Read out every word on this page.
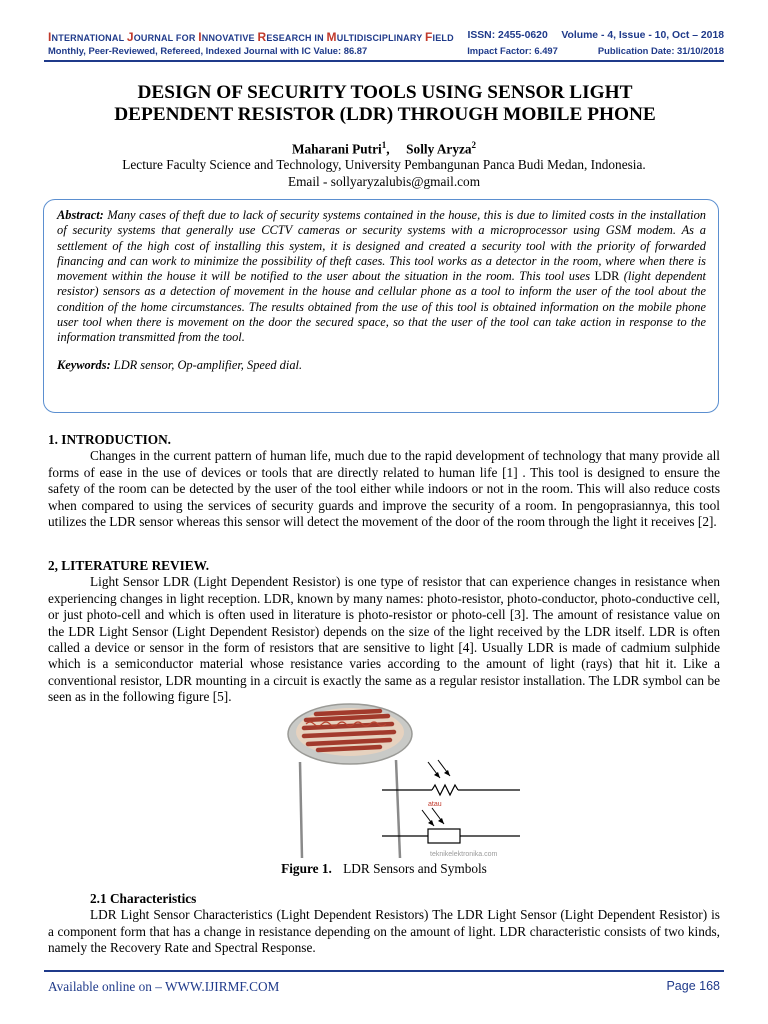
INTERNATIONAL JOURNAL FOR INNOVATIVE RESEARCH IN MULTIDISCIPLINARY FIELD ISSN: 2455-0620 Volume - 4, Issue - 10, Oct – 2018
Monthly, Peer-Reviewed, Refereed, Indexed Journal with IC Value: 86.87	Impact Factor: 6.497	Publication Date: 31/10/2018
DESIGN OF SECURITY TOOLS USING SENSOR LIGHT
DEPENDENT RESISTOR (LDR) THROUGH MOBILE PHONE
Maharani Putri$^1$,     Solly Aryza$^2$
Lecture Faculty Science and Technology, University Pembangunan Panca Budi Medan, Indonesia.
Email - sollyaryzalubis@gmail.com
Abstract: Many cases of theft due to lack of security systems contained in the house, this is due to limited costs in the installation of security systems that generally use CCTV cameras or security systems with a microprocessor using GSM modem. As a settlement of the high cost of installing this system, it is designed and created a security tool with the priority of forwarded financing and can work to minimize the possibility of theft cases. This tool works as a detector in the room, where when there is movement within the house it will be notified to the user about the situation in the room. This tool uses LDR (light dependent resistor) sensors as a detection of movement in the house and cellular phone as a tool to inform the user of the tool about the condition of the home circumstances. The results obtained from the use of this tool is obtained information on the mobile phone user tool when there is movement on the door the secured space, so that the user of the tool can take action in response to the information transmitted from the tool.
Keywords: LDR sensor, Op-amplifier, Speed dial.
1. INTRODUCTION.

Changes in the current pattern of human life, much due to the rapid development of technology that many provide all forms of ease in the use of devices or tools that are directly related to human life [1] . This tool is designed to ensure the safety of the room can be detected by the user of the tool either while indoors or not in the room. This will also reduce costs when compared to using the services of security guards and improve the security of a room. In pengoprasiannya, this tool utilizes the LDR sensor whereas this sensor will detect the movement of the door of the room through the light it receives [2].

2, LITERATURE REVIEW.

Light Sensor LDR (Light Dependent Resistor) is one type of resistor that can experience changes in resistance when experiencing changes in light reception. LDR, known by many names: photo-resistor, photo-conductor, photo-conductive cell, or just photo-cell and which is often used in literature is photo-resistor or photo-cell [3]. The amount of resistance value on the LDR Light Sensor (Light Dependent Resistor) depends on the size of the light received by the LDR itself. LDR is often called a device or sensor in the form of resistors that are sensitive to light [4]. Usually LDR is made of cadmium sulphide which is a semiconductor material whose resistance varies according to the amount of light (rays) that hit it. Like a conventional resistor, LDR mounting in a circuit is exactly the same as a regular resistor installation. The LDR symbol can be seen as in the following figure [5].

atau
teknikelektronika.com
Figure 1. LDR Sensors and Symbols
2.1 Characteristics

LDR Light Sensor Characteristics (Light Dependent Resistors) The LDR Light Sensor (Light Dependent Resistor) is a component form that has a change in resistance depending on the amount of light. LDR characteristic consists of two kinds, namely the Recovery Rate and Spectral Response.

Available online on – WWW.IJIRMF.COM	Page 168
